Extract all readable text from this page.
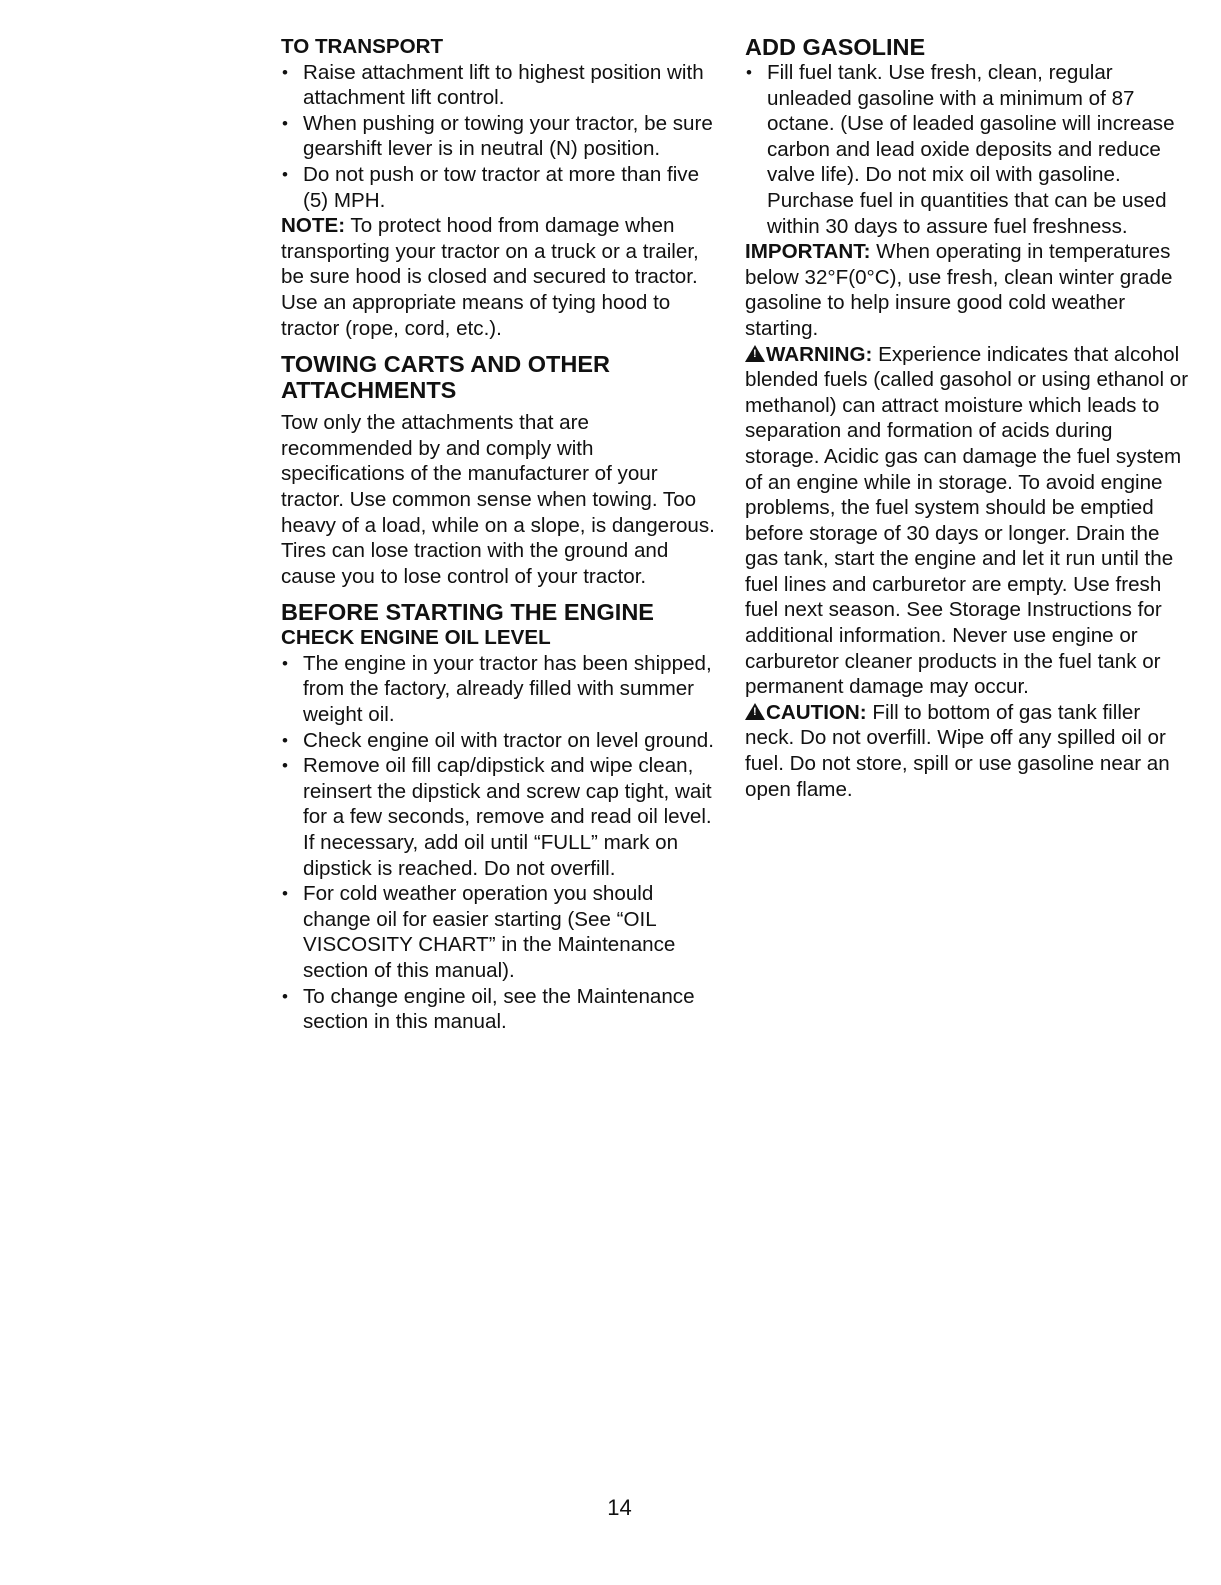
TO TRANSPORT

• Raise attachment lift to highest position with attachment lift control.
• When pushing or towing your tractor, be sure gearshift lever is in neutral (N) position.
• Do not push or tow tractor at more than five (5) MPH.

NOTE: To protect hood from damage when transporting your tractor on a truck or a trailer, be sure hood is closed and secured to tractor. Use an appropriate means of tying hood to tractor (rope, cord, etc.).

TOWING CARTS AND OTHER ATTACHMENTS

Tow only the attachments that are recommended by and comply with specifications of the manufacturer of your tractor. Use common sense when towing. Too heavy of a load, while on a slope, is dangerous. Tires can lose traction with the ground and cause you to lose control of your tractor.

BEFORE STARTING THE ENGINE

CHECK ENGINE OIL LEVEL

• The engine in your tractor has been shipped, from the factory, already filled with summer weight oil.
• Check engine oil with tractor on level ground.
• Remove oil fill cap/dipstick and wipe clean, reinsert the dipstick and screw cap tight, wait for a few seconds, remove and read oil level. If necessary, add oil until “FULL” mark on dipstick is reached. Do not overfill.
• For cold weather operation you should change oil for easier starting (See “OIL VISCOSITY CHART” in the Maintenance section of this manual).
• To change engine oil, see the Maintenance section in this manual.

ADD GASOLINE

• Fill fuel tank. Use fresh, clean, regular unleaded gasoline with a minimum of 87 octane. (Use of leaded gasoline will increase carbon and lead oxide deposits and reduce valve life). Do not mix oil with gasoline. Purchase fuel in quantities that can be used within 30 days to assure fuel freshness.

IMPORTANT: When operating in temperatures below 32°F(0°C), use fresh, clean winter grade gasoline to help insure good cold weather starting.

!WARNING: Experience indicates that alcohol blended fuels (called gasohol or using ethanol or methanol) can attract moisture which leads to separation and formation of acids during storage. Acidic gas can damage the fuel system of an engine while in storage. To avoid engine problems, the fuel system should be emptied before storage of 30 days or longer. Drain the gas tank, start the engine and let it run until the fuel lines and carburetor are empty. Use fresh fuel next season. See Storage Instructions for additional information. Never use engine or carburetor cleaner products in the fuel tank or permanent damage may occur.

!CAUTION: Fill to bottom of gas tank filler neck. Do not overfill. Wipe off any spilled oil or fuel. Do not store, spill or use gasoline near an open flame.

14
